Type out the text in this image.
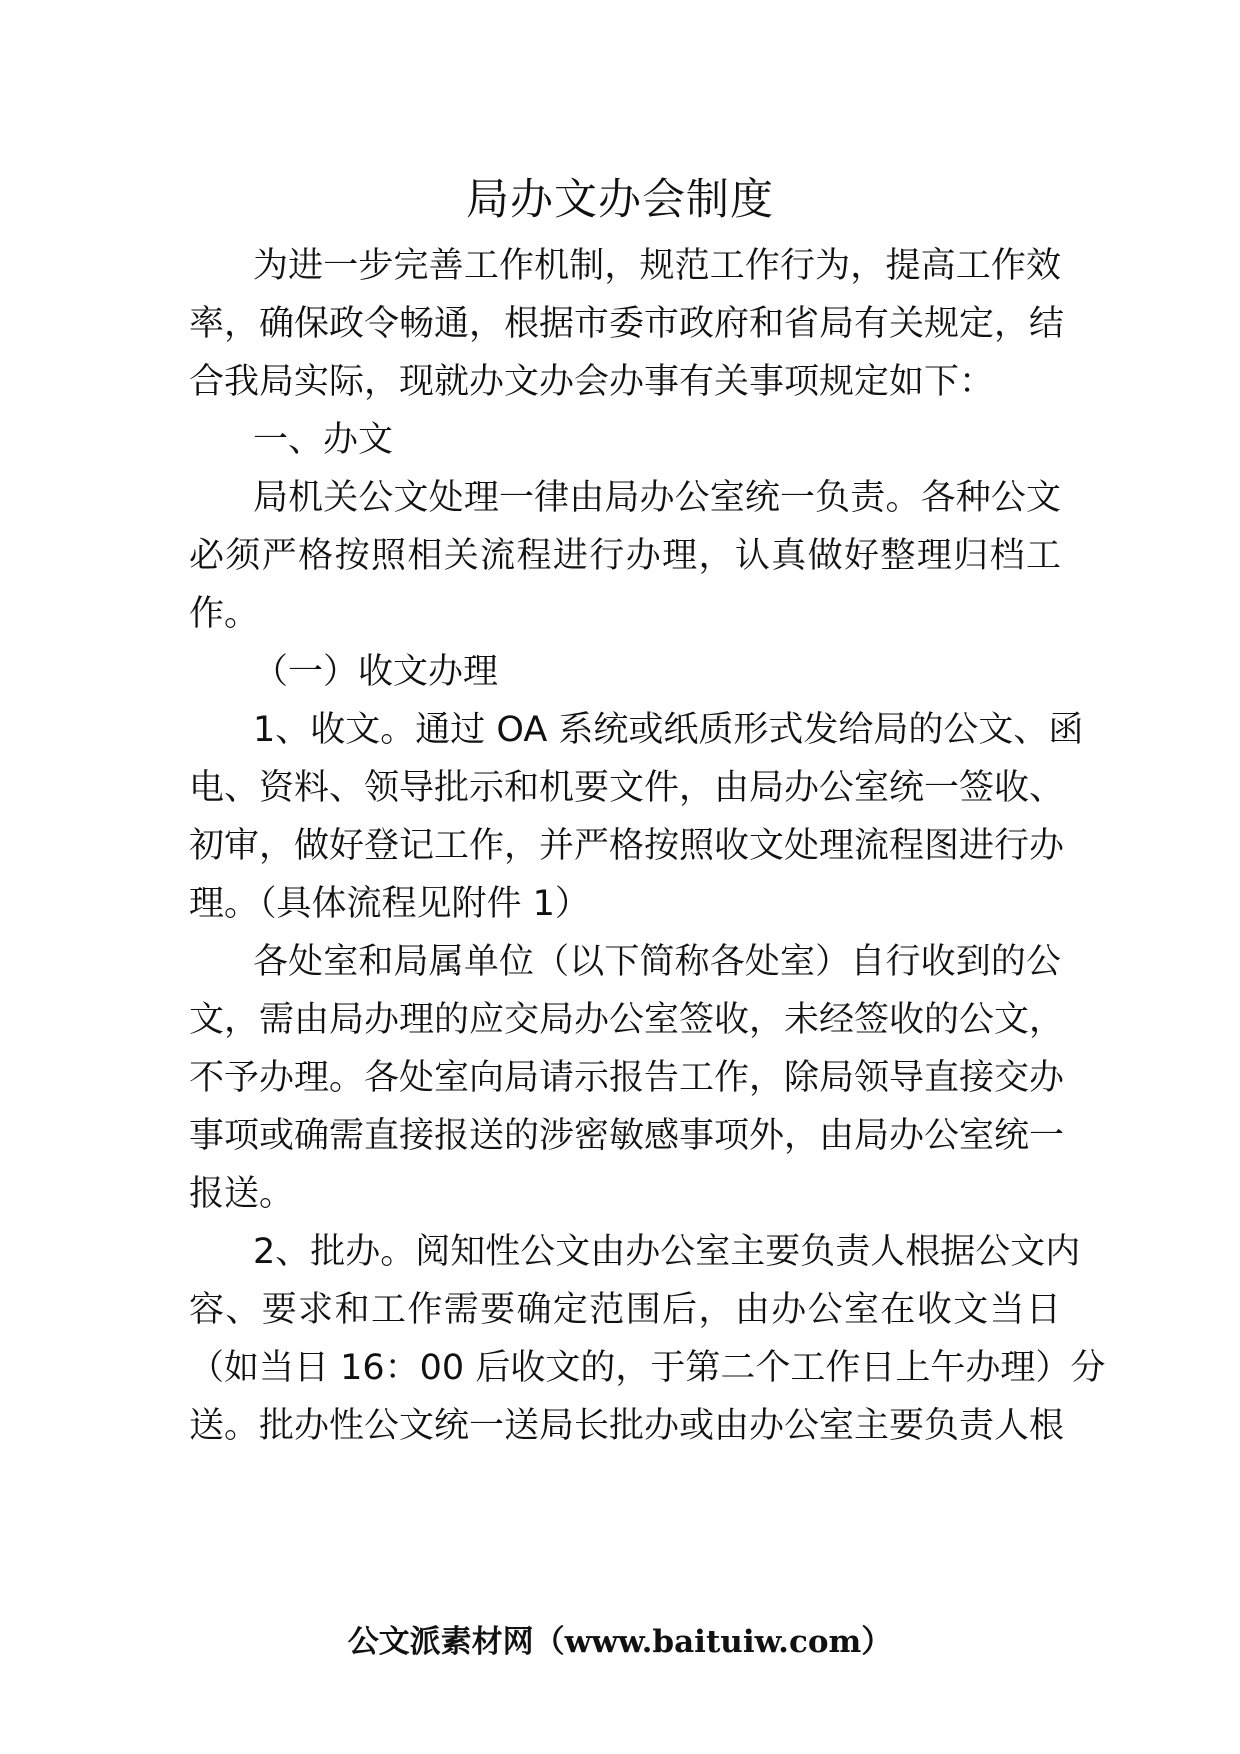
局办文办会制度
为进一步完善工作机制，规范工作行为，提高工作效
率，确保政令畅通，根据市委市政府和省局有关规定，结
合我局实际，现就办文办会办事有关事项规定如下：
一、办文
局机关公文处理一律由局办公室统一负责。各种公文
必须严格按照相关流程进行办理，认真做好整理归档工
作。
（一）收文办理
1、收文。通过 OA 系统或纸质形式发给局的公文、函
电、资料、领导批示和机要文件，由局办公室统一签收、
初审，做好登记工作，并严格按照收文处理流程图进行办
理。（具体流程见附件 1）
各处室和局属单位（以下简称各处室）自行收到的公
文，需由局办理的应交局办公室签收，未经签收的公文，
不予办理。各处室向局请示报告工作，除局领导直接交办
事项或确需直接报送的涉密敏感事项外，由局办公室统一
报送。
2、批办。阅知性公文由办公室主要负责人根据公文内
容、要求和工作需要确定范围后，由办公室在收文当日
（如当日 16：00 后收文的，于第二个工作日上午办理）分
送。批办性公文统一送局长批办或由办公室主要负责人根
公文派素材网（www.baituiw.com）
